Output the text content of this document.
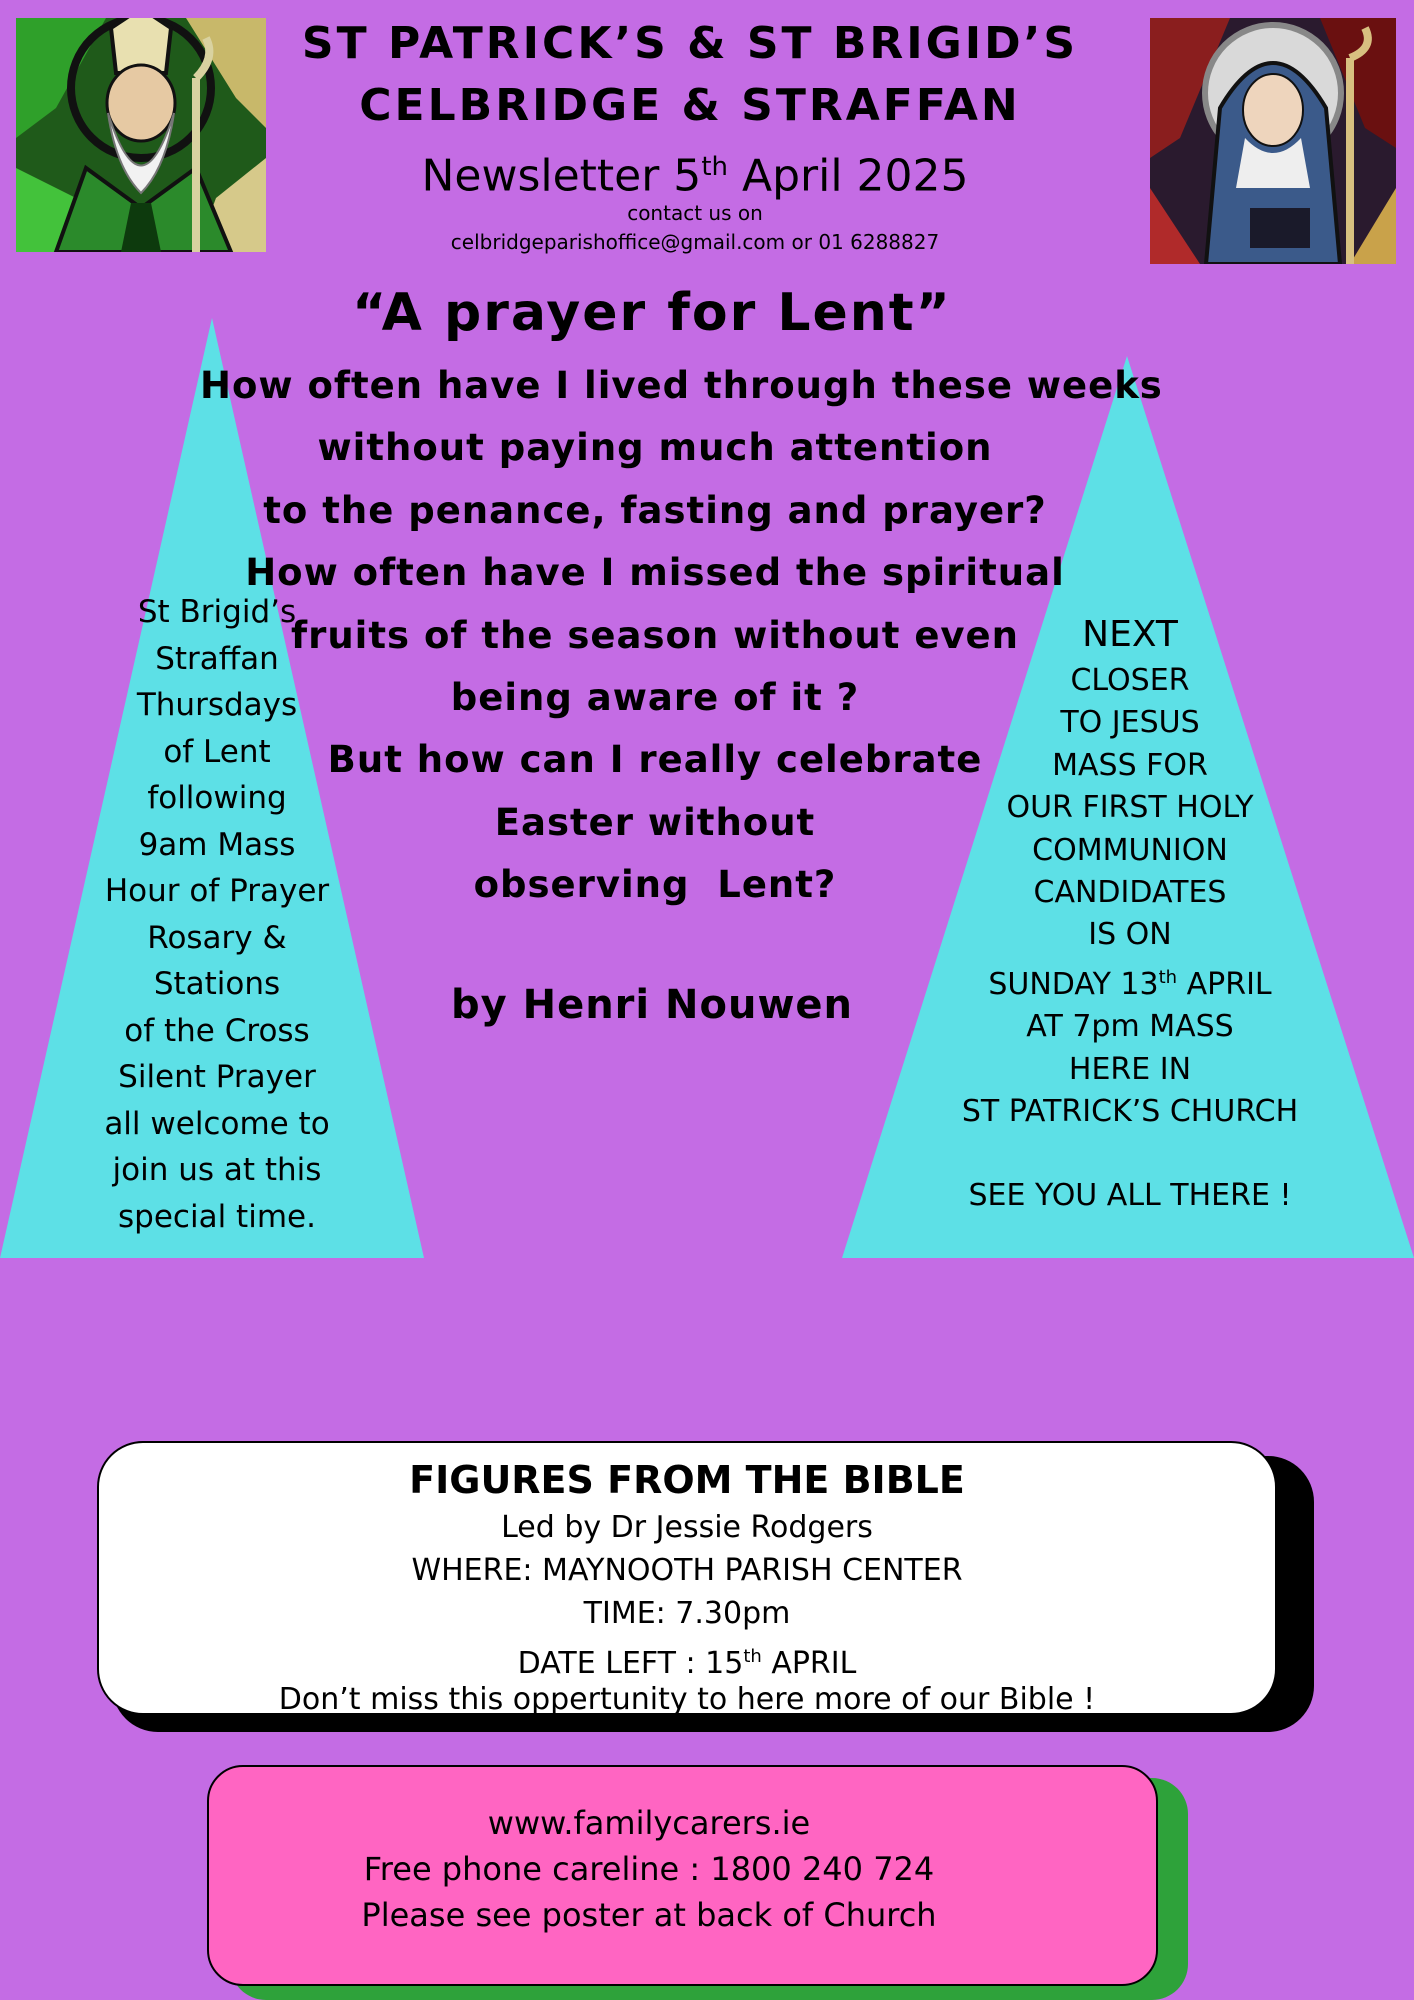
ST PATRICK’S & ST BRIGID’S
CELBRIDGE & STRAFFAN
Newsletter 5th April 2025
contact us on
celbridgeparishoffice@gmail.com or 01 6288827
St Brigid’s
Straffan
Thursdays
of Lent
following
9am Mass
Hour of Prayer
Rosary &
Stations
of the Cross
Silent Prayer
all welcome to
join us at this
special time.
NEXT
CLOSER
TO JESUS
MASS FOR
OUR FIRST HOLY
COMMUNION
CANDIDATES
IS ON
SUNDAY 13th APRIL
AT 7pm MASS
HERE IN
ST PATRICK’S CHURCH
SEE YOU ALL THERE !
“A prayer for Lent”
How often have I lived through these weeks
without paying much attention
to the penance, fasting and prayer?
How often have I missed the spiritual
fruits of the season without even
being aware of it ?
But how can I really celebrate
Easter without
observing  Lent?
by Henri Nouwen
FIGURES FROM THE BIBLE
Led by Dr Jessie Rodgers
WHERE: MAYNOOTH PARISH CENTER
TIME: 7.30pm
DATE LEFT : 15th APRIL
Don’t miss this oppertunity to here more of our Bible !
www.familycarers.ie
Free phone careline : 1800 240 724
Please see poster at back of Church
